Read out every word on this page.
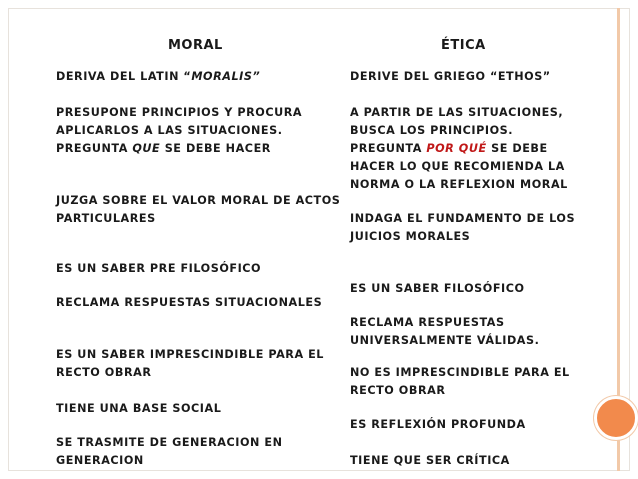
MORAL	ÉTICA
DERIVA DEL LATIN “MORALIS”
PRESUPONE PRINCIPIOS Y PROCURA
APLICARLOS A LAS SITUACIONES.
PREGUNTA QUE SE DEBE HACER
JUZGA SOBRE EL VALOR MORAL DE ACTOS
PARTICULARES
ES UN SABER PRE FILOSÓFICO
RECLAMA RESPUESTAS SITUACIONALES
ES UN SABER IMPRESCINDIBLE PARA EL
RECTO OBRAR
TIENE UNA BASE SOCIAL
SE TRASMITE DE GENERACION EN
GENERACION
DERIVE DEL GRIEGO “ETHOS”
A PARTIR DE LAS SITUACIONES,
BUSCA LOS PRINCIPIOS.
PREGUNTA POR QUÉ SE DEBE
HACER LO QUE RECOMIENDA LA
NORMA O LA REFLEXION MORAL
INDAGA EL FUNDAMENTO DE LOS
JUICIOS MORALES
ES UN SABER FILOSÓFICO
RECLAMA RESPUESTAS
UNIVERSALMENTE VÁLIDAS.
NO ES IMPRESCINDIBLE PARA EL
RECTO OBRAR
ES REFLEXIÓN PROFUNDA
TIENE QUE SER CRÍTICA
